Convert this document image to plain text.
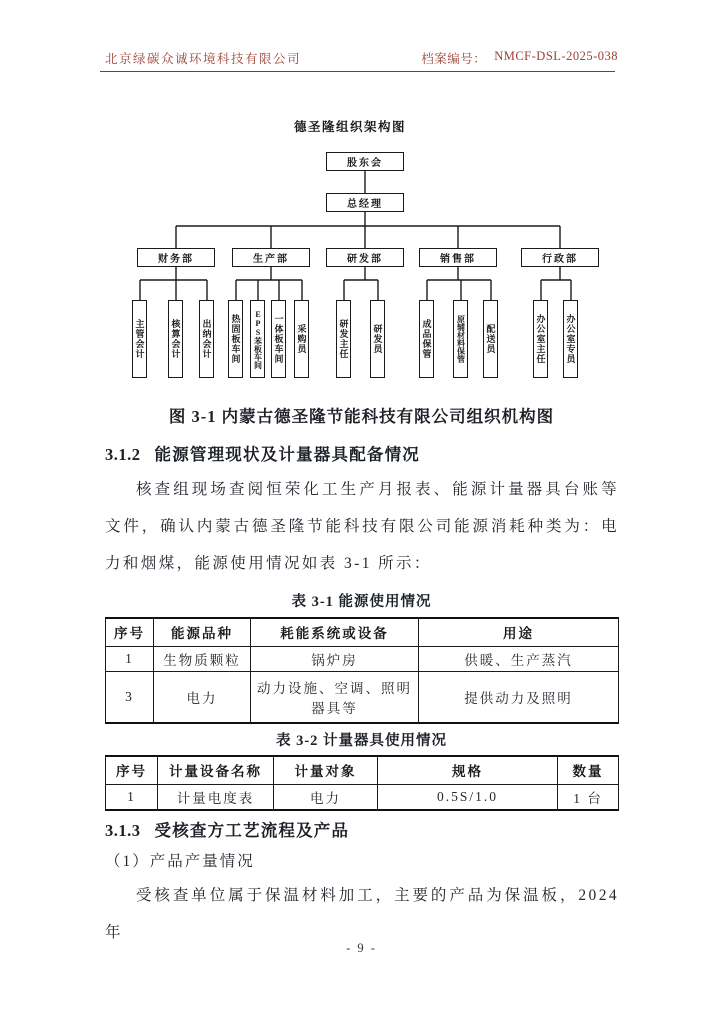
北京绿碳众诚环境科技有限公司	档案编号： NMCF-DSL-2025-038
德圣隆组织架构图
股东会
总经理
财务部	生产部	研发部	销售部	行政部
主管会计	核算会计 出纳会计 热固板车间	EPS苯板车间 一体板车间 采购员	研发主任	研发员	成品保管	原辅材料保管 配送员	办公室主任 办公室专员
图 3-1 内蒙古德圣隆节能科技有限公司组织机构图
3.1.2 能源管理现状及计量器具配备情况
核查组现场查阅恒荣化工生产月报表、能源计量器具台账等文件，确认内蒙古德圣隆节能科技有限公司能源消耗种类为：电力和烟煤，能源使用情况如表 3-1 所示：
表 3-1 能源使用情况
序号	能源品种	耗能系统或设备	用途
1	生物质颗粒	锅炉房	供暖、生产蒸汽
3	电力	动力设施、空调、照明器具等	提供动力及照明
表 3-2 计量器具使用情况
序号	计量设备名称	计量对象	规格	数量
1	计量电度表	电力	0.5S/1.0	1 台
3.1.3 受核查方工艺流程及产品
（1）产品产量情况
受核查单位属于保温材料加工，主要的产品为保温板，2024 年
- 9 -
